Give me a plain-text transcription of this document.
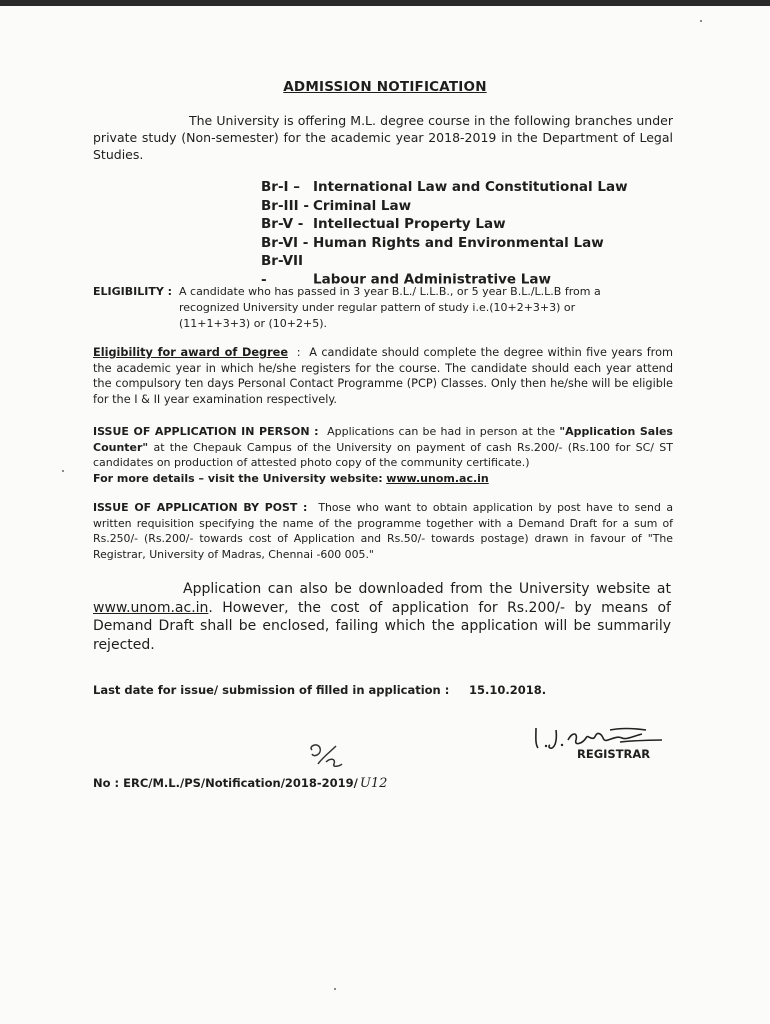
ADMISSION NOTIFICATION
The University is offering M.L. degree course in the following branches under private study (Non-semester) for the academic year 2018-2019 in the Department of Legal Studies.
Br-I – International Law and Constitutional Law
Br-III - Criminal Law
Br-V - Intellectual Property Law
Br-VI - Human Rights and Environmental Law
Br-VII -	Labour and Administrative Law
ELIGIBILITY : A candidate who has passed in 3 year B.L./ L.L.B., or 5 year B.L./L.L.B from a recognized University under regular pattern of study i.e.(10+2+3+3) or (11+1+3+3) or (10+2+5).
Eligibility for award of Degree : A candidate should complete the degree within five years from the academic year in which he/she registers for the course. The candidate should each year attend the compulsory ten days Personal Contact Programme (PCP) Classes. Only then he/she will be eligible for the I & II year examination respectively.
ISSUE OF APPLICATION IN PERSON : Applications can be had in person at the "Application Sales Counter" at the Chepauk Campus of the University on payment of cash Rs.200/- (Rs.100 for SC/ ST candidates on production of attested photo copy of the community certificate.)
For more details – visit the University website: www.unom.ac.in
ISSUE OF APPLICATION BY POST : Those who want to obtain application by post have to send a written requisition specifying the name of the programme together with a Demand Draft for a sum of Rs.250/- (Rs.200/- towards cost of Application and Rs.50/- towards postage) drawn in favour of "The Registrar, University of Madras, Chennai -600 005."
Application can also be downloaded from the University website at www.unom.ac.in. However, the cost of application for Rs.200/- by means of Demand Draft shall be enclosed, failing which the application will be summarily rejected.
Last date for issue/ submission of filled in application : 15.10.2018.
REGISTRAR
No : ERC/M.L./PS/Notification/2018-2019/ U12
